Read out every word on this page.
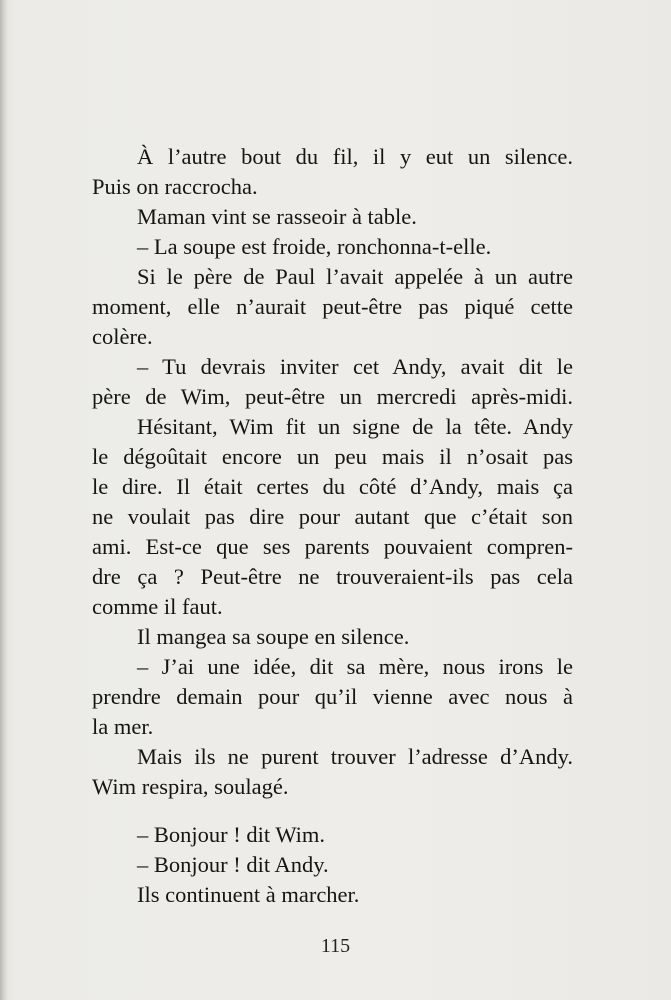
À l’autre bout du fil, il y eut un silence.
Puis on raccrocha.
Maman vint se rasseoir à table.
– La soupe est froide, ronchonna-t-elle.
Si le père de Paul l’avait appelée à un autre
moment, elle n’aurait peut-être pas piqué cette
colère.
– Tu devrais inviter cet Andy, avait dit le
père de Wim, peut-être un mercredi après-midi.
Hésitant, Wim fit un signe de la tête. Andy
le dégoûtait encore un peu mais il n’osait pas
le dire. Il était certes du côté d’Andy, mais ça
ne voulait pas dire pour autant que c’était son
ami. Est-ce que ses parents pouvaient compren-
dre ça ? Peut-être ne trouveraient-ils pas cela
comme il faut.
Il mangea sa soupe en silence.
– J’ai une idée, dit sa mère, nous irons le
prendre demain pour qu’il vienne avec nous à
la mer.
Mais ils ne purent trouver l’adresse d’Andy.
Wim respira, soulagé.
– Bonjour ! dit Wim.
– Bonjour ! dit Andy.
Ils continuent à marcher.
115
